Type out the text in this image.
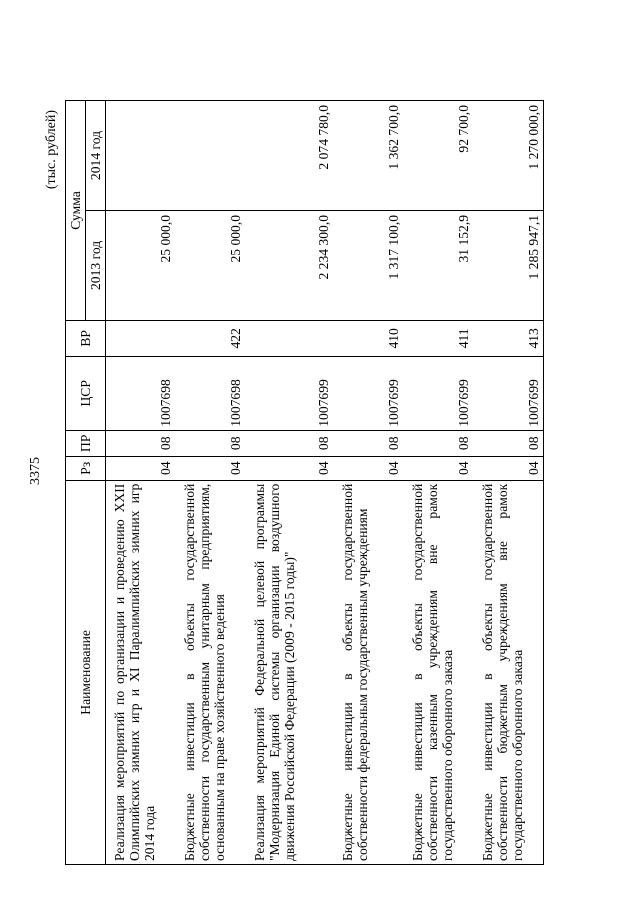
3375
(тыс. рублей)
Наименование	Рз	ПР	ЦСР	ВР	Сумма	
					2013 год	2014 год
Реализация мероприятий по организации и проведению XXII Олимпийских зимних игр и XI Паралимпийских зимних игр 2014 года	04	08	1007698		25 000,0	
Бюджетные инвестиции в объекты государственной собственности государственным унитарным предприятиям, основанным на праве хозяйственного ведения	04	08	1007698	422	25 000,0	
Реализация мероприятий Федеральной целевой программы "Модернизация Единой системы организации воздушного движения Российской Федерации (2009 - 2015 годы)"	04	08	1007699		2 234 300,0	2 074 780,0
Бюджетные инвестиции в объекты государственной собственности федеральным государственным учреждениям	04	08	1007699	410	1 317 100,0	1 362 700,0
Бюджетные инвестиции в объекты государственной собственности казенным учреждениям вне рамок государственного оборонного заказа	04	08	1007699	411	31 152,9	92 700,0
Бюджетные инвестиции в объекты государственной собственности бюджетным учреждениям вне рамок государственного оборонного заказа	04	08	1007699	413	1 285 947,1	1 270 000,0
